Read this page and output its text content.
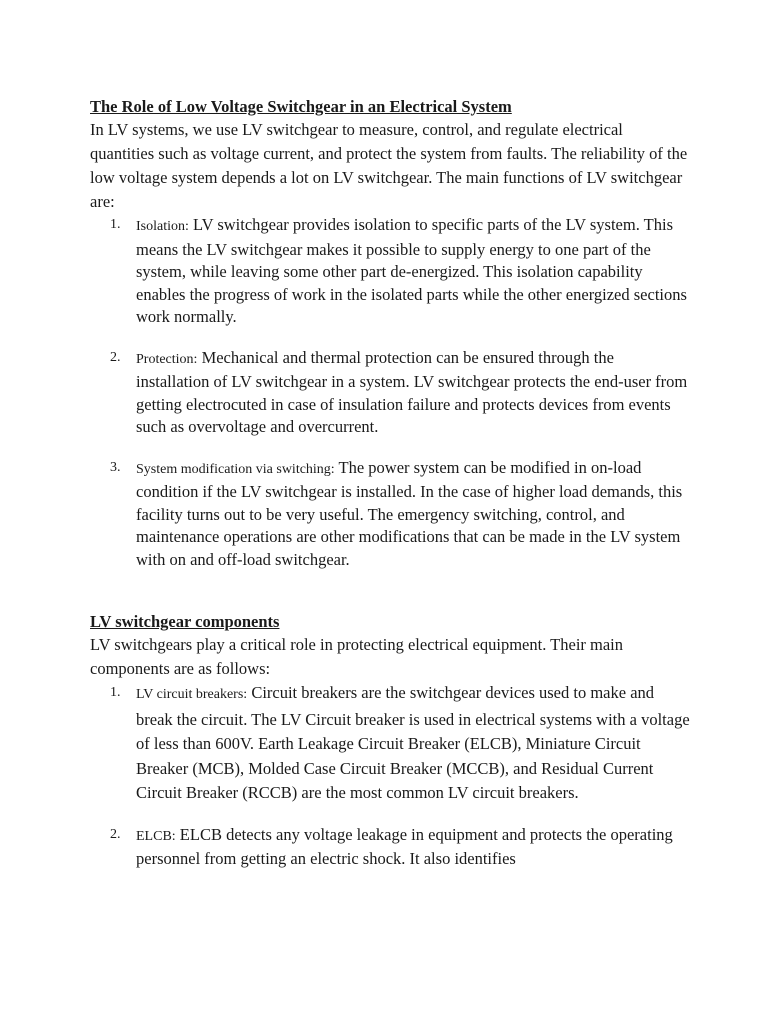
The Role of Low Voltage Switchgear in an Electrical System

In LV systems, we use LV switchgear to measure, control, and regulate electrical quantities such as voltage current, and protect the system from faults. The reliability of the low voltage system depends a lot on LV switchgear. The main functions of LV switchgear are:

1. Isolation: LV switchgear provides isolation to specific parts of the LV system. This means the LV switchgear makes it possible to supply energy to one part of the system, while leaving some other part de-energized. This isolation capability enables the progress of work in the isolated parts while the other energized sections work normally.
2. Protection: Mechanical and thermal protection can be ensured through the installation of LV switchgear in a system. LV switchgear protects the end-user from getting electrocuted in case of insulation failure and protects devices from events such as overvoltage and overcurrent.
3. System modification via switching: The power system can be modified in on-load condition if the LV switchgear is installed. In the case of higher load demands, this facility turns out to be very useful. The emergency switching, control, and maintenance operations are other modifications that can be made in the LV system with on and off-load switchgear.

LV switchgear components

LV switchgears play a critical role in protecting electrical equipment. Their main components are as follows:

1. LV circuit breakers: Circuit breakers are the switchgear devices used to make and break the circuit. The LV Circuit breaker is used in electrical systems with a voltage of less than 600V. Earth Leakage Circuit Breaker (ELCB), Miniature Circuit Breaker (MCB), Molded Case Circuit Breaker (MCCB), and Residual Current Circuit Breaker (RCCB) are the most common LV circuit breakers.
2. ELCB: ELCB detects any voltage leakage in equipment and protects the operating personnel from getting an electric shock. It also identifies
